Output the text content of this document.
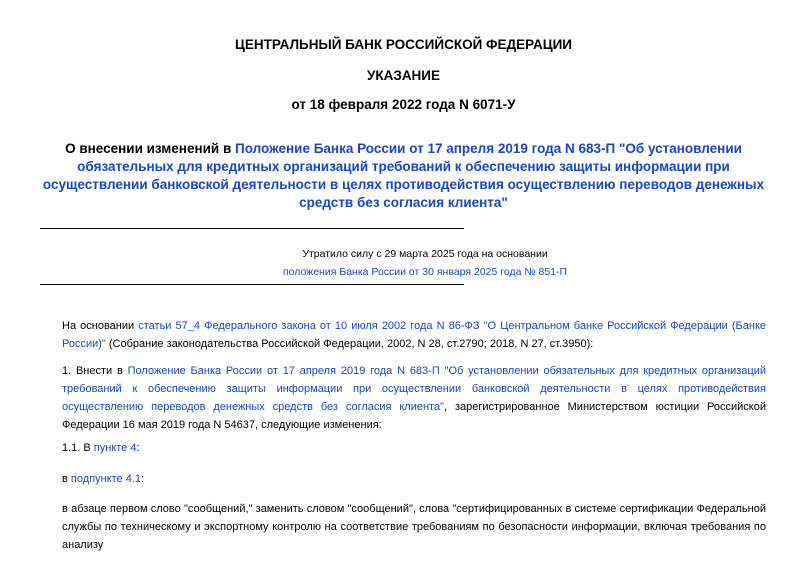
ЦЕНТРАЛЬНЫЙ БАНК РОССИЙСКОЙ ФЕДЕРАЦИИ
УКАЗАНИЕ
от 18 февраля 2022 года N 6071-У
О внесении изменений в Положение Банка России от 17 апреля 2019 года N 683-П "Об установлении обязательных для кредитных организаций требований к обеспечению защиты информации при осуществлении банковской деятельности в целях противодействия осуществлению переводов денежных средств без согласия клиента"
Утратило силу с 29 марта 2025 года на основании
положения Банка России от 30 января 2025 года № 851-П
На основании статьи 57_4 Федерального закона от 10 июля 2002 года N 86-ФЗ "О Центральном банке Российской Федерации (Банке России)" (Собрание законодательства Российской Федерации, 2002, N 28, ст.2790; 2018, N 27, ст.3950):
1. Внести в Положение Банка России от 17 апреля 2019 года N 683-П "Об установлении обязательных для кредитных организаций требований к обеспечению защиты информации при осуществлении банковской деятельности в целях противодействия осуществлению переводов денежных средств без согласия клиента", зарегистрированное Министерством юстиции Российской Федерации 16 мая 2019 года N 54637, следующие изменения:
1.1. В пункте 4:
в подпункте 4.1:
в абзаце первом слово "сообщений," заменить словом "сообщений", слова "сертифицированных в системе сертификации Федеральной службы по техническому и экспортному контролю на соответствие требованиям по безопасности информации, включая требования по анализу
